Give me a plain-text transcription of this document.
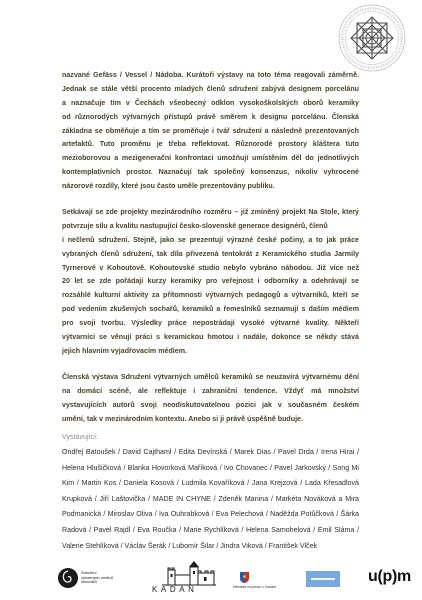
nazvané Gefäss / Vessel / Nádoba. Kurátoři výstavy na toto téma reagovali záměrně.
Jednak se stále větší procento mladých členů sdružení zabývá designem porcelánu
a naznačuje tím v Čechách všeobecný odklon vysokoškolských oborů keramiky
od různorodých výtvarných přístupů právě směrem k designu porcelánu. Členská
základna se obměňuje a tím se proměňuje i tvář sdružení a následně prezentovaných
artefaktů. Tuto proměnu je třeba reflektovat. Různorodé prostory kláštera tuto
mezioborovou a mezigenerační konfrontaci umožňují umístěním děl do jednotlivých
kontemplativních prostor. Naznačují tak společný konsenzus, nikoliv vyhrocené
názorové rozdíly, které jsou často uměle prezentovány publiku.
Setkávají se zde projekty mezinárodního rozměru – již zmíněný projekt Na Stole, který
potvrzuje sílu a kvalitu nastupující česko-slovenské generace designérů, členů
i nečlenů sdružení. Stejně, jako se prezentují výrazné české počiny, a to jak práce
vybraných členů sdružení, tak díla přivezená tentokrát z Keramického studia Jarmily
Tyrnerové v Kohoutově. Kohoutovské studio nebylo vybráno náhodou. Již více než
20 let se zde pořádají kurzy keramiky pro veřejnost i odborníky a odehrávají se
rozsáhlé kulturní aktivity za přítomnosti výtvarných pedagogů a výtvarníků, kteří se
pod vedením zkušených sochařů, keramiků a řemeslníků seznamují s daším médiem
pro svoji tvorbu. Výsledky práce nepostrádají vysoké výtvarné kvality. Někteří
výtvarníci se věnují práci s keramickou hmotou i nadále, dokonce se někdy stává
jejich hlavním vyjadřovacím médiem.
Členská výstava Sdružení výtvarných umělců keramiků se neuzavírá výtvarnému dění
na domácí scéně, ale reflektuje i zahraniční tendence. Vždyť má množství
vystavujících autorů svoji neodiskutovatelnou pozici jak v současném českém
umění, tak v mezinárodním kontextu. Anebo si ji právě úspěšně buduje.
Vystavující:
Ondřej Batoušek / David Cajthaml / Edita Devínská / Marek Dias / Pavel Drda / Irena Hirai /
Helena Hlušičková / Blanka Hovorková Maříková / Ivo Chovanec / Pavel Jarkovský / Song Mi
Kim / Martin Kos / Daniela Kosová / Ludmila Kovaříková / Jana Krejzová / Lada Křesadlová
Krupková / Jiří Laštovička / MADE IN CHYNE / Zdeněk Manina / Markéta Nováková a Mira
Podmanická / Miroslav Oliva / Iva Ouhrabková / Eva Pelechová / Naděžda Potůčková / Šárka
Radová / Pavel Rajdl / Eva Roučka / Marie Rychlíková / Helena Samohelová / Emil Sláma /
Valerie Stehlíková / Václav Šerák / Lubomír Šilar / Jindra Viková / František Vlček
Sdružení
výtvarných umělců
keramiků
KADAŇ	Městské muzeum v Kadani
u(p)m
